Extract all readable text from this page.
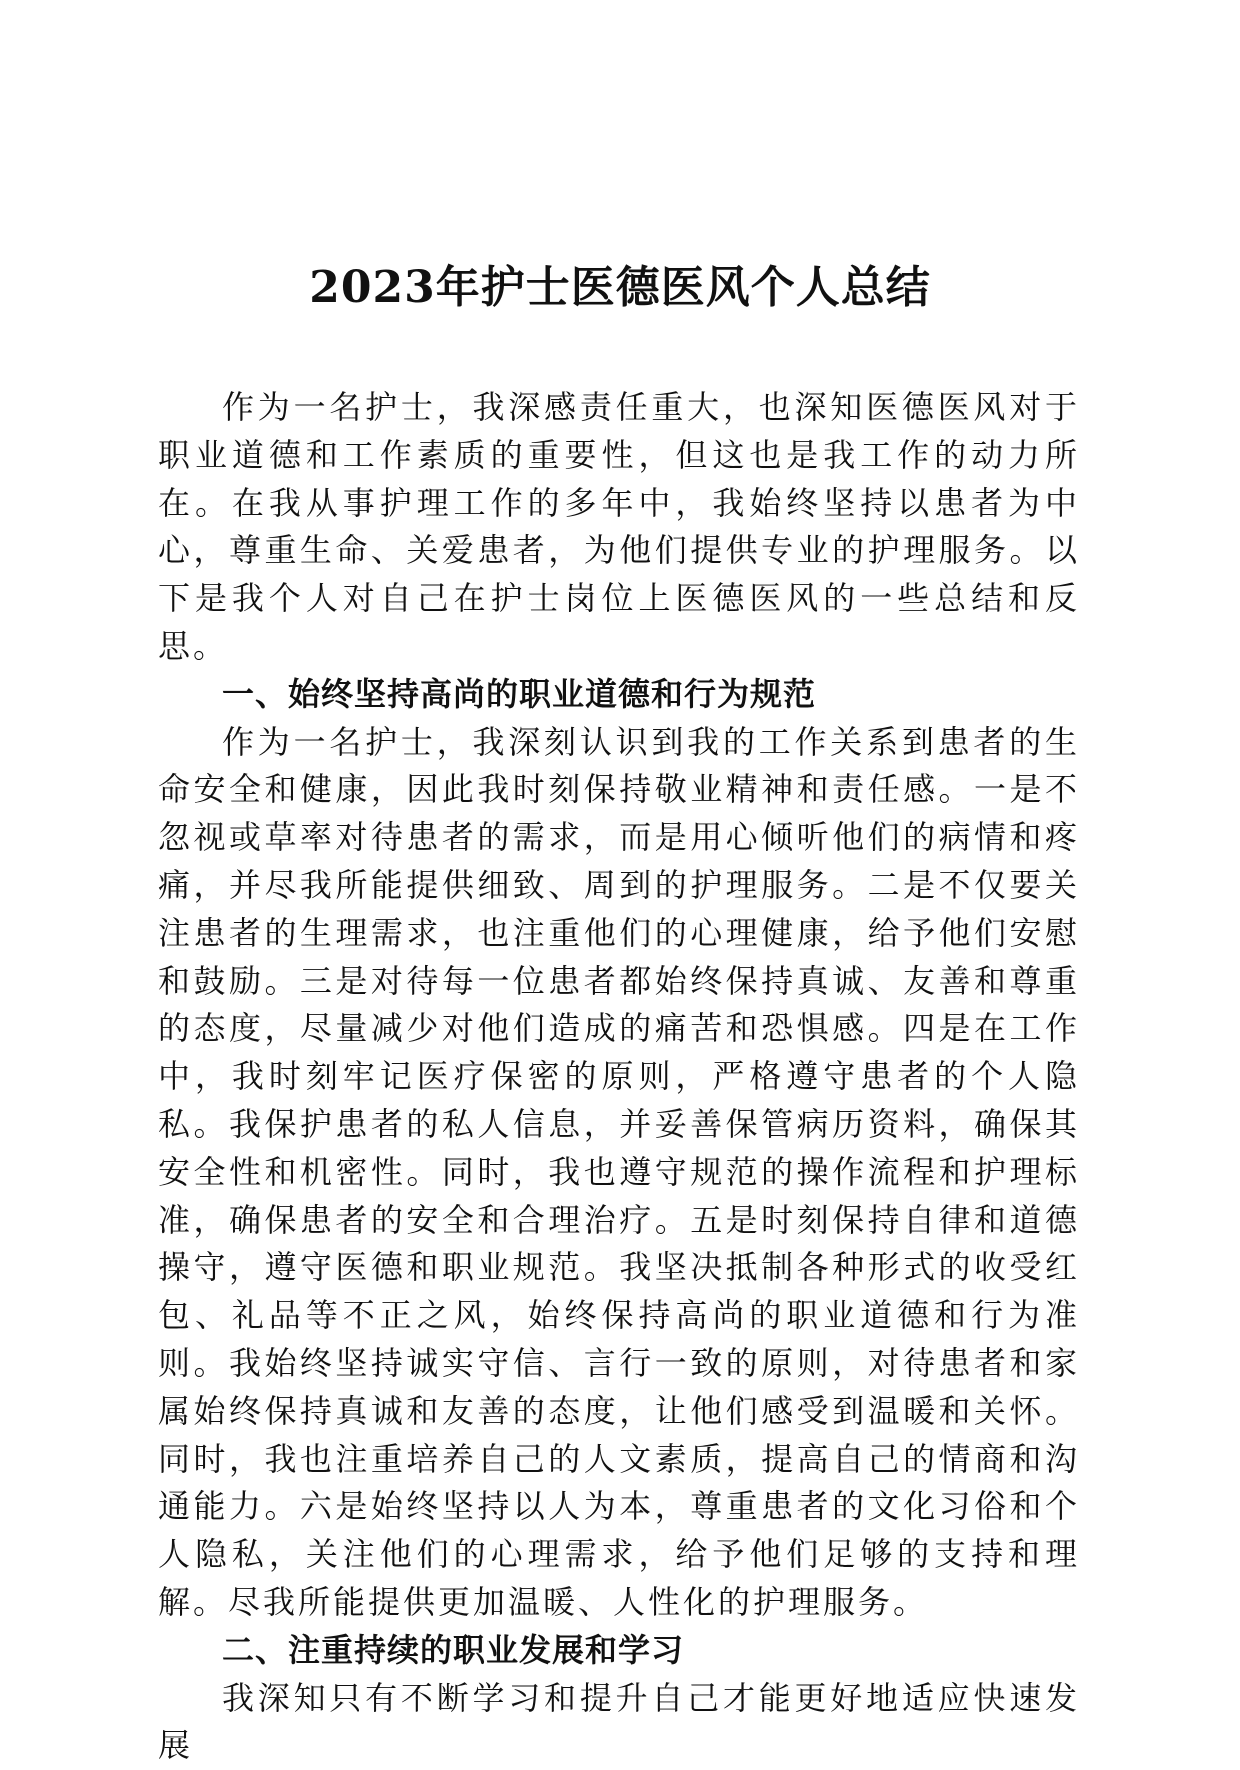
2023年护士医德医风个人总结

作为一名护士，我深感责任重大，也深知医德医风对于职业道德和工作素质的重要性，但这也是我工作的动力所在。在我从事护理工作的多年中，我始终坚持以患者为中心，尊重生命、关爱患者，为他们提供专业的护理服务。以下是我个人对自己在护士岗位上医德医风的一些总结和反思。

一、始终坚持高尚的职业道德和行为规范

作为一名护士，我深刻认识到我的工作关系到患者的生命安全和健康，因此我时刻保持敬业精神和责任感。一是不忽视或草率对待患者的需求，而是用心倾听他们的病情和疼痛，并尽我所能提供细致、周到的护理服务。二是不仅要关注患者的生理需求，也注重他们的心理健康，给予他们安慰和鼓励。三是对待每一位患者都始终保持真诚、友善和尊重的态度，尽量减少对他们造成的痛苦和恐惧感。四是在工作中，我时刻牢记医疗保密的原则，严格遵守患者的个人隐私。我保护患者的私人信息，并妥善保管病历资料，确保其安全性和机密性。同时，我也遵守规范的操作流程和护理标准，确保患者的安全和合理治疗。五是时刻保持自律和道德操守，遵守医德和职业规范。我坚决抵制各种形式的收受红包、礼品等不正之风，始终保持高尚的职业道德和行为准则。我始终坚持诚实守信、言行一致的原则，对待患者和家属始终保持真诚和友善的态度，让他们感受到温暖和关怀。同时，我也注重培养自己的人文素质，提高自己的情商和沟通能力。六是始终坚持以人为本，尊重患者的文化习俗和个人隐私，关注他们的心理需求，给予他们足够的支持和理解。尽我所能提供更加温暖、人性化的护理服务。

二、注重持续的职业发展和学习

我深知只有不断学习和提升自己才能更好地适应快速发展
